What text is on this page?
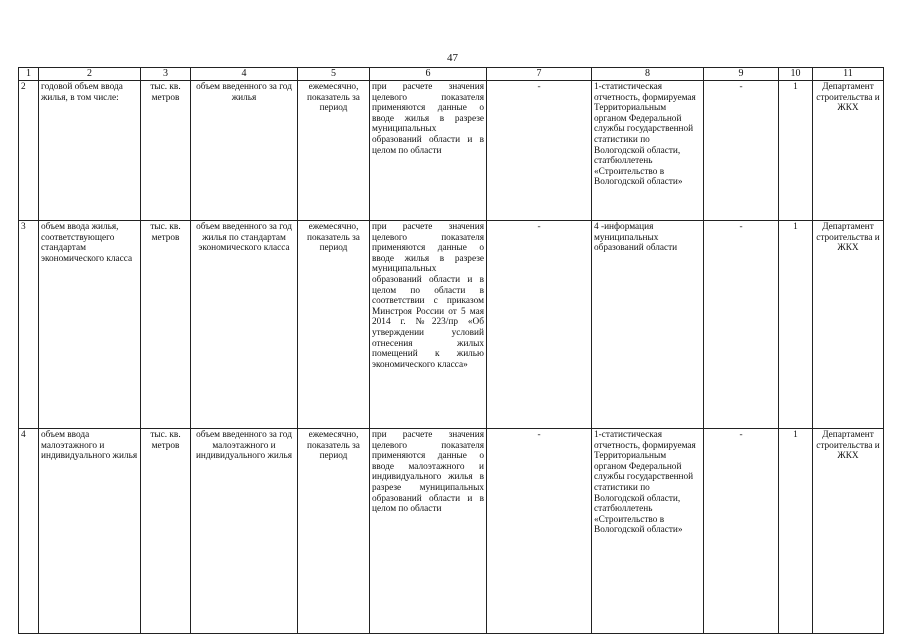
47
1	2	3	4	5	6	7	8	9	10	11
2	годовой объем ввода жилья, в том числе:	тыс. кв. метров	объем введенного за год жилья	ежемесячно, показатель за период	при расчете значения целевого показателя применяются данные о вводе жилья в разрезе муниципальных образований области и в целом по области	-	1-статистическая отчетность, формируемая Территориальным органом Федеральной службы государственной статистики по Вологодской области, статбюллетень «Строительство в Вологодской области»	-	1	Департамент строительства и ЖКХ
3	объем ввода жилья, соответствующего стандартам экономического класса	тыс. кв. метров	объем введенного за год жилья по стандартам экономического класса	ежемесячно, показатель за период	при расчете значения целевого показателя применяются данные о вводе жилья в разрезе муниципальных образований области и в целом по области в соответствии с приказом Минстроя России от 5 мая 2014 г. №223/пр «Об утверждении условий отнесения жилых помещений к жилью экономического класса»	-	4 -информация муниципальных образований области	-	1	Департамент строительства и ЖКХ
4	объем ввода малоэтажного и индивидуального жилья	тыс. кв. метров	объем введенного за год малоэтажного и индивидуального жилья	ежемесячно, показатель за период	при расчете значения целевого показателя применяются данные о вводе малоэтажного и индивидуального жилья в разрезе муниципальных образований области и в целом по области	-	1-статистическая отчетность, формируемая Территориальным органом Федеральной службы государственной статистики по Вологодской области, статбюллетень «Строительство в Вологодской области»	-	1	Департамент строительства и ЖКХ
